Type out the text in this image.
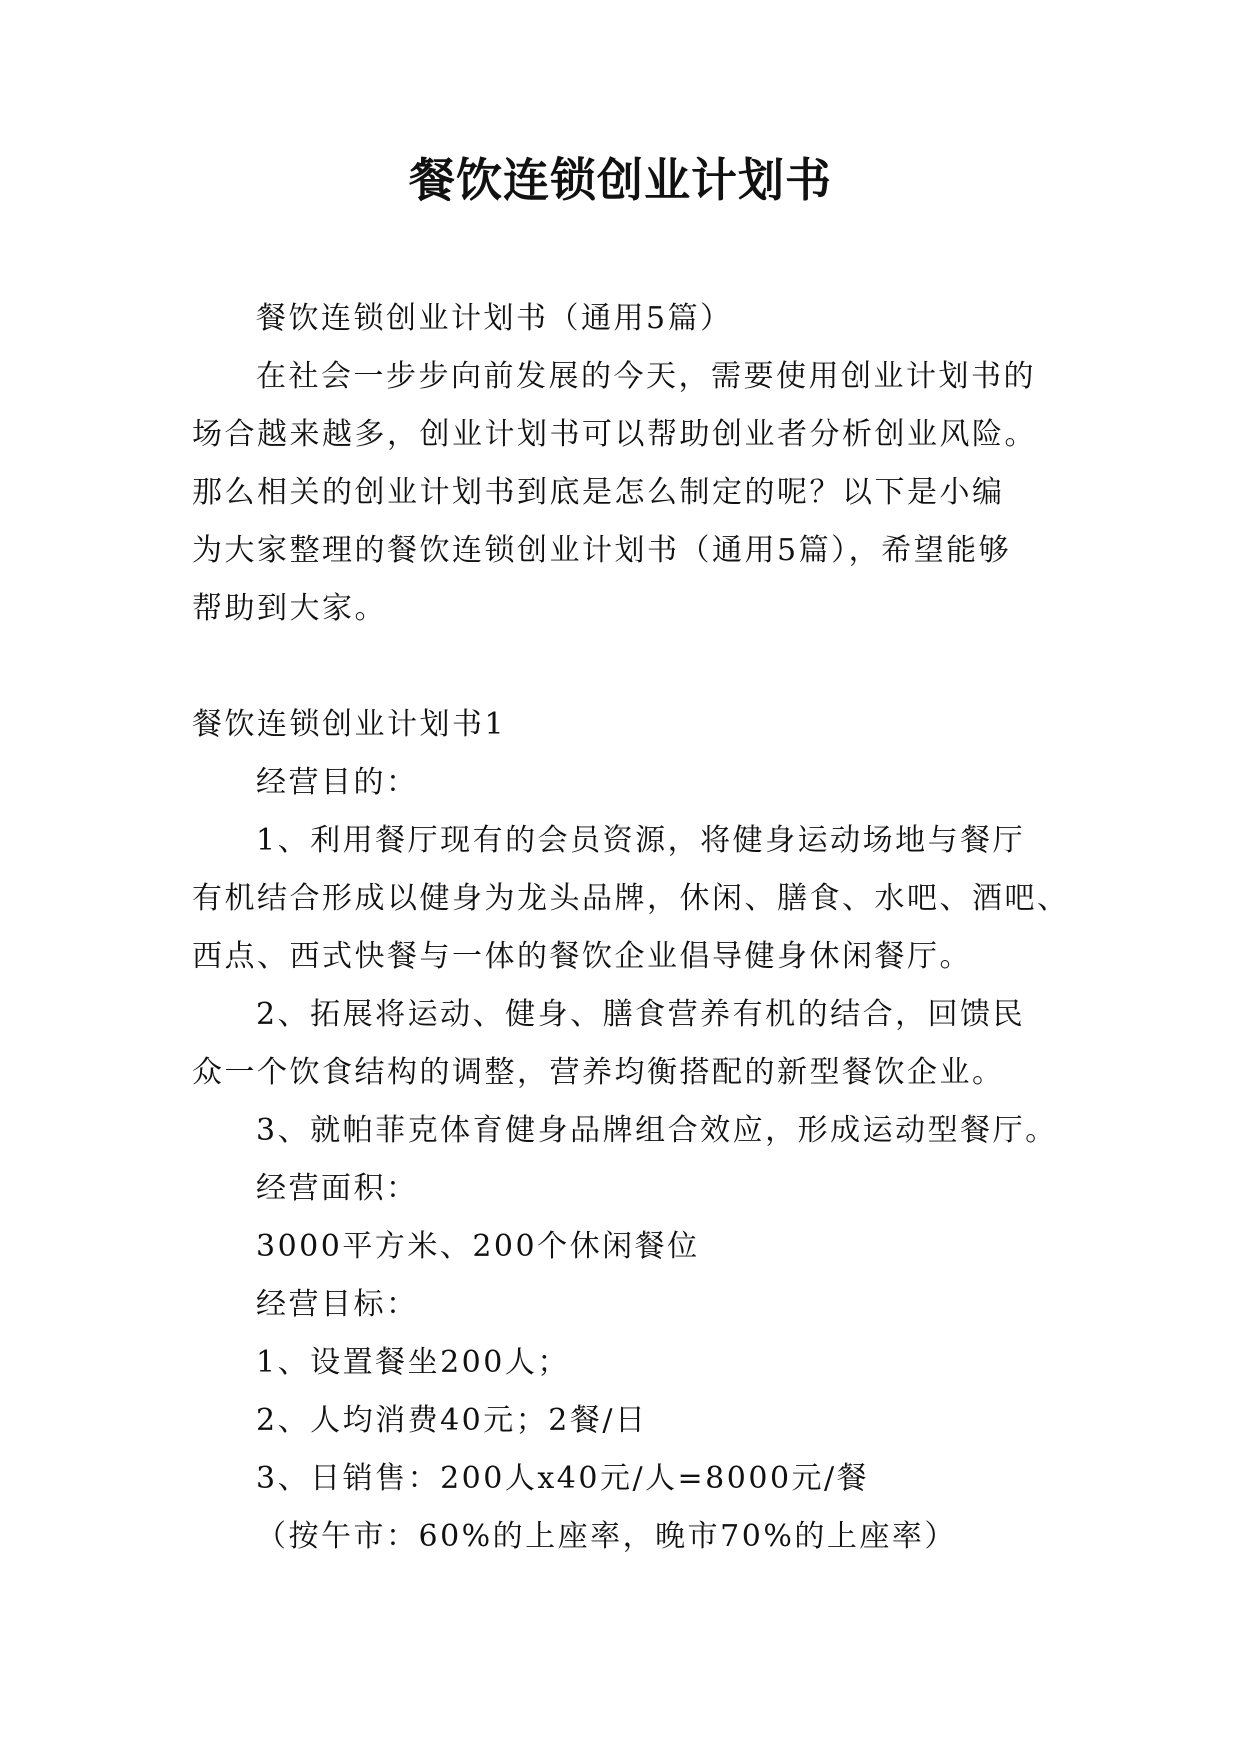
餐饮连锁创业计划书

餐饮连锁创业计划书（通用5篇）

在社会一步步向前发展的今天，需要使用创业计划书的

场合越来越多，创业计划书可以帮助创业者分析创业风险。

那么相关的创业计划书到底是怎么制定的呢？以下是小编

为大家整理的餐饮连锁创业计划书（通用5篇），希望能够

帮助到大家。

餐饮连锁创业计划书1

经营目的：

1、利用餐厅现有的会员资源，将健身运动场地与餐厅

有机结合形成以健身为龙头品牌，休闲、膳食、水吧、酒吧、

西点、西式快餐与一体的餐饮企业倡导健身休闲餐厅。

2、拓展将运动、健身、膳食营养有机的结合，回馈民

众一个饮食结构的调整，营养均衡搭配的新型餐饮企业。

3、就帕菲克体育健身品牌组合效应，形成运动型餐厅。

经营面积：

3000平方米、200个休闲餐位

经营目标：

1、设置餐坐200人；

2、人均消费40元；2餐/日

3、日销售：200人x40元/人=8000元/餐

（按午市：60%的上座率，晚市70%的上座率）
